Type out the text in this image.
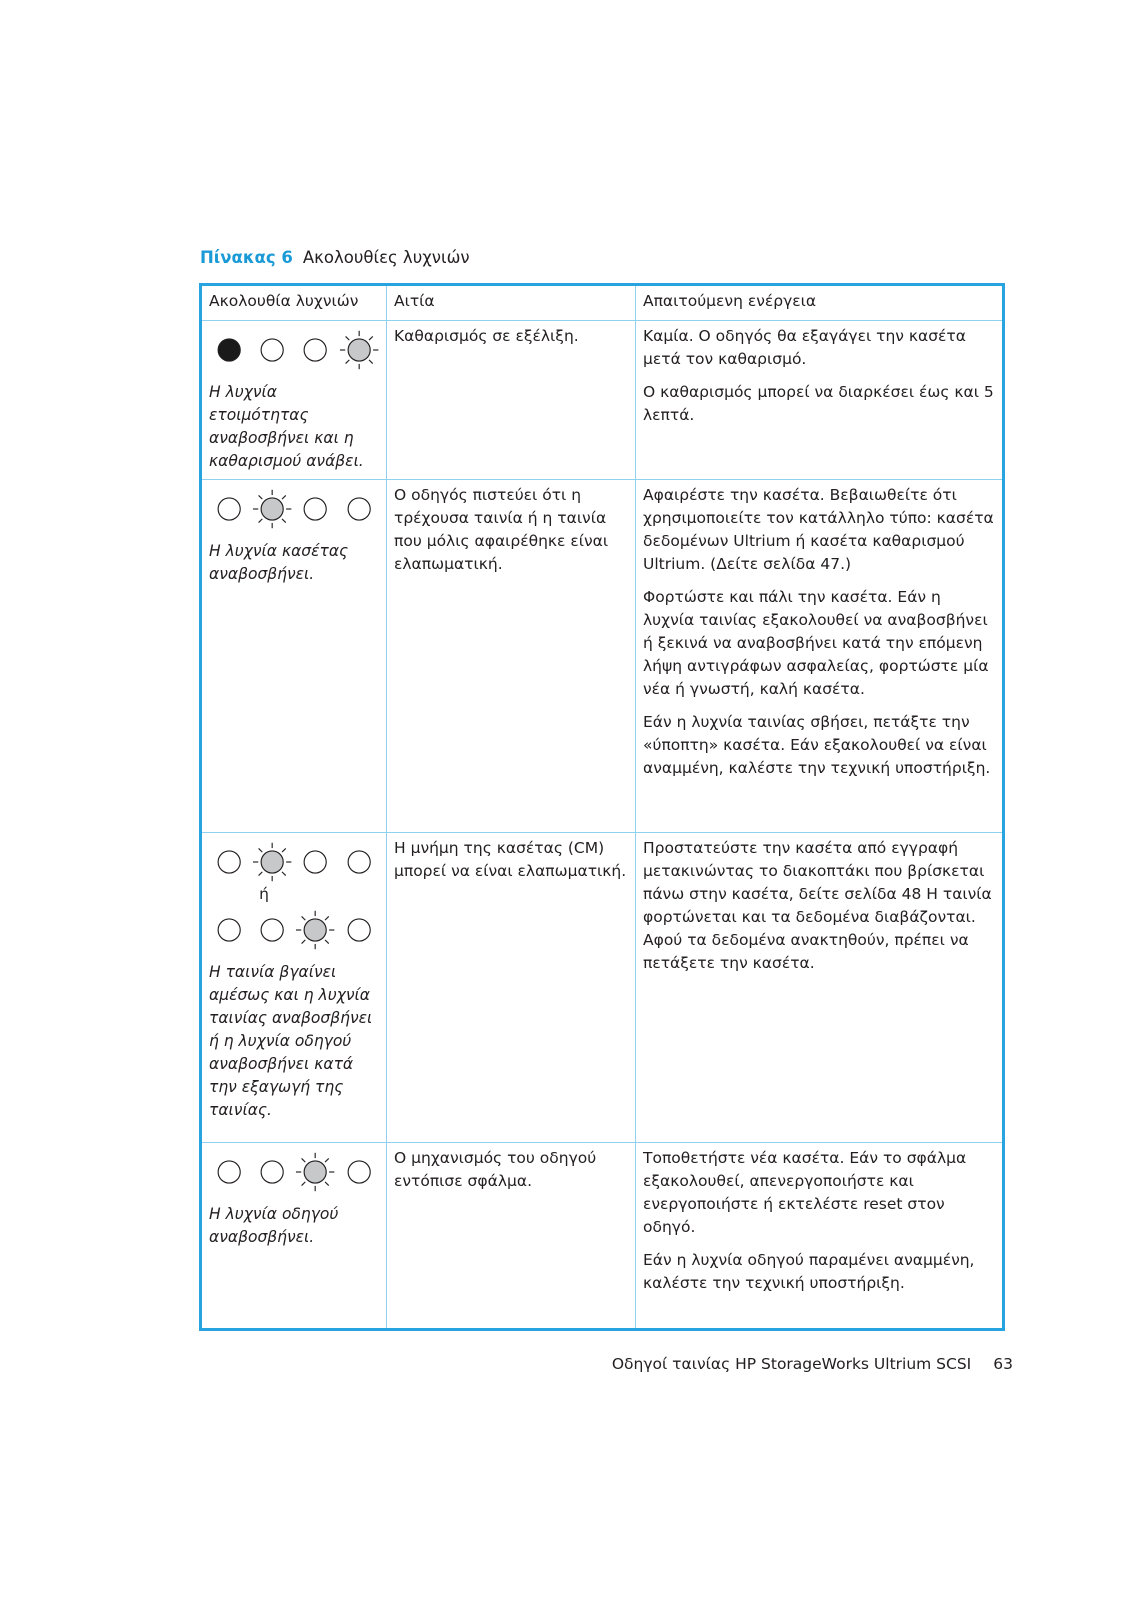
Πίνακας 6 Ακολουθίες λυχνιών
Ακολουθία λυχνιών	Αιτία	Απαιτούμενη ενέργεια

Η λυχνία ετοιμότητας αναβοσβήνει και η καθαρισμού ανάβει.	Καθαρισμός σε εξέλιξη.	Καμία. Ο οδηγός θα εξαγάγει την κασέτα μετά τον καθαρισμό.

Ο καθαρισμός μπορεί να διαρκέσει έως και 5 λεπτά.

Η λυχνία κασέτας αναβοσβήνει.	Ο οδηγός πιστεύει ότι η τρέχουσα ταινία ή η ταινία που μόλις αφαιρέθηκε είναι ελαπωματική.	Αφαιρέστε την κασέτα. Βεβαιωθείτε ότι χρησιμοποιείτε τον κατάλληλο τύπο: κασέτα δεδομένων Ultrium ή κασέτα καθαρισμού Ultrium. (Δείτε σελίδα 47.)

Φορτώστε και πάλι την κασέτα. Εάν η λυχνία ταινίας εξακολουθεί να αναβοσβήνει ή ξεκινά να αναβοσβήνει κατά την επόμενη λήψη αντιγράφων ασφαλείας, φορτώστε μία νέα ή γνωστή, καλή κασέτα.

Εάν η λυχνία ταινίας σβήσει, πετάξτε την «ύποπτη» κασέτα. Εάν εξακολουθεί να είναι αναμμένη, καλέστε την τεχνική υποστήριξη.

ή
Η ταινία βγαίνει αμέσως και η λυχνία ταινίας αναβοσβήνει ή η λυχνία οδηγού αναβοσβήνει κατά την εξαγωγή της ταινίας.	Η μνήμη της κασέτας (CM) μπορεί να είναι ελαπωματική.	Προστατεύστε την κασέτα από εγγραφή μετακινώντας το διακοπτάκι που βρίσκεται πάνω στην κασέτα, δείτε σελίδα 48 Η ταινία φορτώνεται και τα δεδομένα διαβάζονται. Αφού τα δεδομένα ανακτηθούν, πρέπει να πετάξετε την κασέτα.

Η λυχνία οδηγού αναβοσβήνει.	Ο μηχανισμός του οδηγού εντόπισε σφάλμα.	Τοποθετήστε νέα κασέτα. Εάν το σφάλμα εξακολουθεί, απενεργοποιήστε και ενεργοποιήστε ή εκτελέστε reset στον οδηγό.

Εάν η λυχνία οδηγού παραμένει αναμμένη, καλέστε την τεχνική υποστήριξη.

Οδηγοί ταινίας HP StorageWorks Ultrium SCSI 63
